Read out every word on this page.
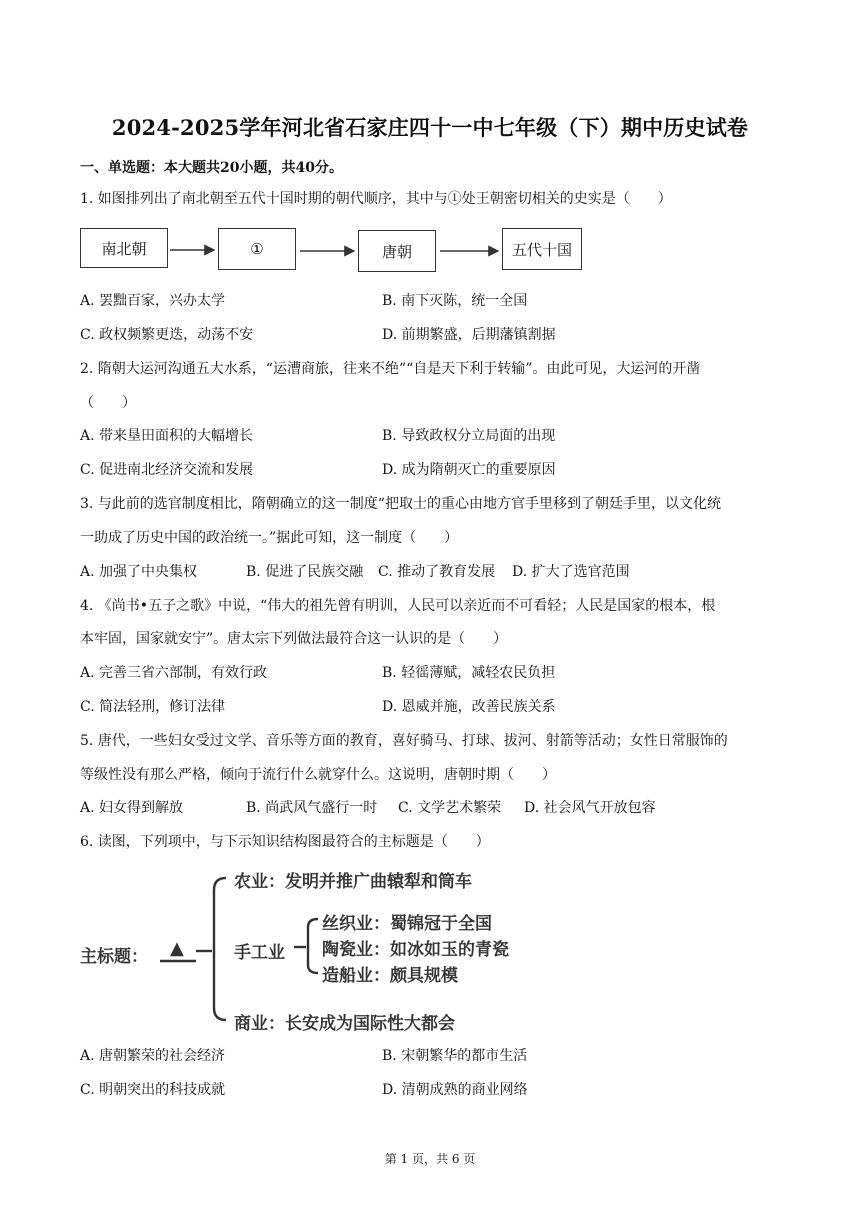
2024-2025学年河北省石家庄四十一中七年级（下）期中历史试卷
一、单选题：本大题共20小题，共40分。
1. 如图排列出了南北朝至五代十国时期的朝代顺序，其中与①处王朝密切相关的史实是（　　）
南北朝	①	唐朝	五代十国
A. 罢黜百家，兴办太学	B. 南下灭陈，统一全国
C. 政权频繁更迭，动荡不安	D. 前期繁盛，后期藩镇割据
2. 隋朝大运河沟通五大水系，“运漕商旅，往来不绝”“自是天下利于转输”。由此可见，大运河的开凿
（　　）
A. 带来垦田面积的大幅增长	B. 导致政权分立局面的出现
C. 促进南北经济交流和发展	D. 成为隋朝灭亡的重要原因
3. 与此前的选官制度相比，隋朝确立的这一制度“把取士的重心由地方官手里移到了朝廷手里，以文化统
一助成了历史中国的政治统一。”据此可知，这一制度（　　）
A. 加强了中央集权	B. 促进了民族交融 C. 推动了教育发展 D. 扩大了选官范围
4. 《尚书•五子之歌》中说，“伟大的祖先曾有明训，人民可以亲近而不可看轻；人民是国家的根本，根
本牢固，国家就安宁”。唐太宗下列做法最符合这一认识的是（　　）
A. 完善三省六部制，有效行政	B. 轻徭薄赋，减轻农民负担
C. 简法轻刑，修订法律	D. 恩威并施，改善民族关系
5. 唐代，一些妇女受过文学、音乐等方面的教育，喜好骑马、打球、拔河、射箭等活动；女性日常服饰的
等级性没有那么严格，倾向于流行什么就穿什么。这说明，唐朝时期（　　）
A. 妇女得到解放	B. 尚武风气盛行一时 C. 文学艺术繁荣 D. 社会风气开放包容
6. 读图，下列项中，与下示知识结构图最符合的主标题是（　　）
主标题： ▲
农业：发明并推广曲辕犁和筒车
手工业
丝织业：蜀锦冠于全国
陶瓷业：如冰如玉的青瓷
造船业：颇具规模
商业：长安成为国际性大都会
A. 唐朝繁荣的社会经济	B. 宋朝繁华的都市生活
C. 明朝突出的科技成就	D. 清朝成熟的商业网络
第 1 页，共 6 页
